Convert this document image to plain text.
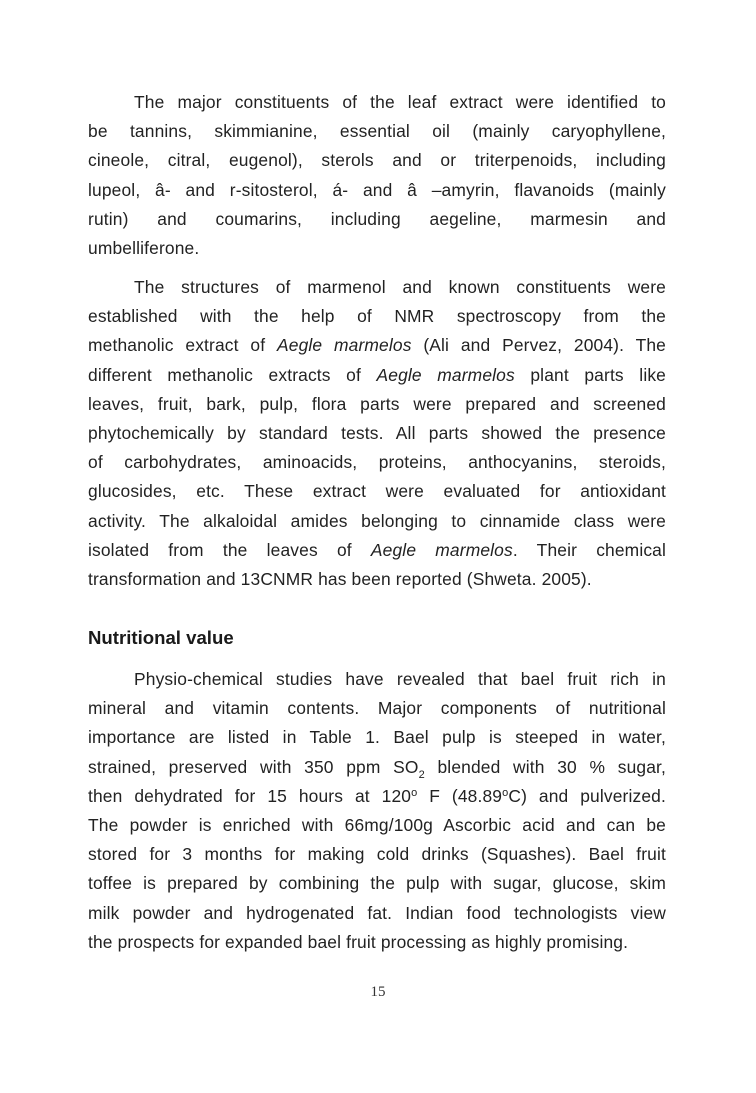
The major constituents of the leaf extract were identified to
be tannins, skimmianine, essential oil (mainly caryophyllene,
cineole, citral, eugenol), sterols and or triterpenoids, including
lupeol, â- and r-sitosterol, á- and â –amyrin, flavanoids (mainly
rutin) and coumarins, including aegeline, marmesin and
umbelliferone.
The structures of marmenol and known constituents were
established with the help of NMR spectroscopy from the
methanolic extract of Aegle marmelos (Ali and Pervez, 2004). The
different methanolic extracts of Aegle marmelos plant parts like
leaves, fruit, bark, pulp, flora parts were prepared and screened
phytochemically by standard tests. All parts showed the presence
of carbohydrates, aminoacids, proteins, anthocyanins, steroids,
glucosides, etc. These extract were evaluated for antioxidant
activity. The alkaloidal amides belonging to cinnamide class were
isolated from the leaves of Aegle marmelos. Their chemical
transformation and 13CNMR has been reported (Shweta. 2005).
Nutritional value
Physio-chemical studies have revealed that bael fruit rich in
mineral and vitamin contents. Major components of nutritional
importance are listed in Table 1. Bael pulp is steeped in water,
strained, preserved with 350 ppm $SO_2$ blended with 30 % sugar,
then dehydrated for 15 hours at 120$^o$ F (48.89$^o$C) and pulverized.
The powder is enriched with 66mg/100g Ascorbic acid and can be
stored for 3 months for making cold drinks (Squashes). Bael fruit
toffee is prepared by combining the pulp with sugar, glucose, skim
milk powder and hydrogenated fat. Indian food technologists view
the prospects for expanded bael fruit processing as highly promising.
15
